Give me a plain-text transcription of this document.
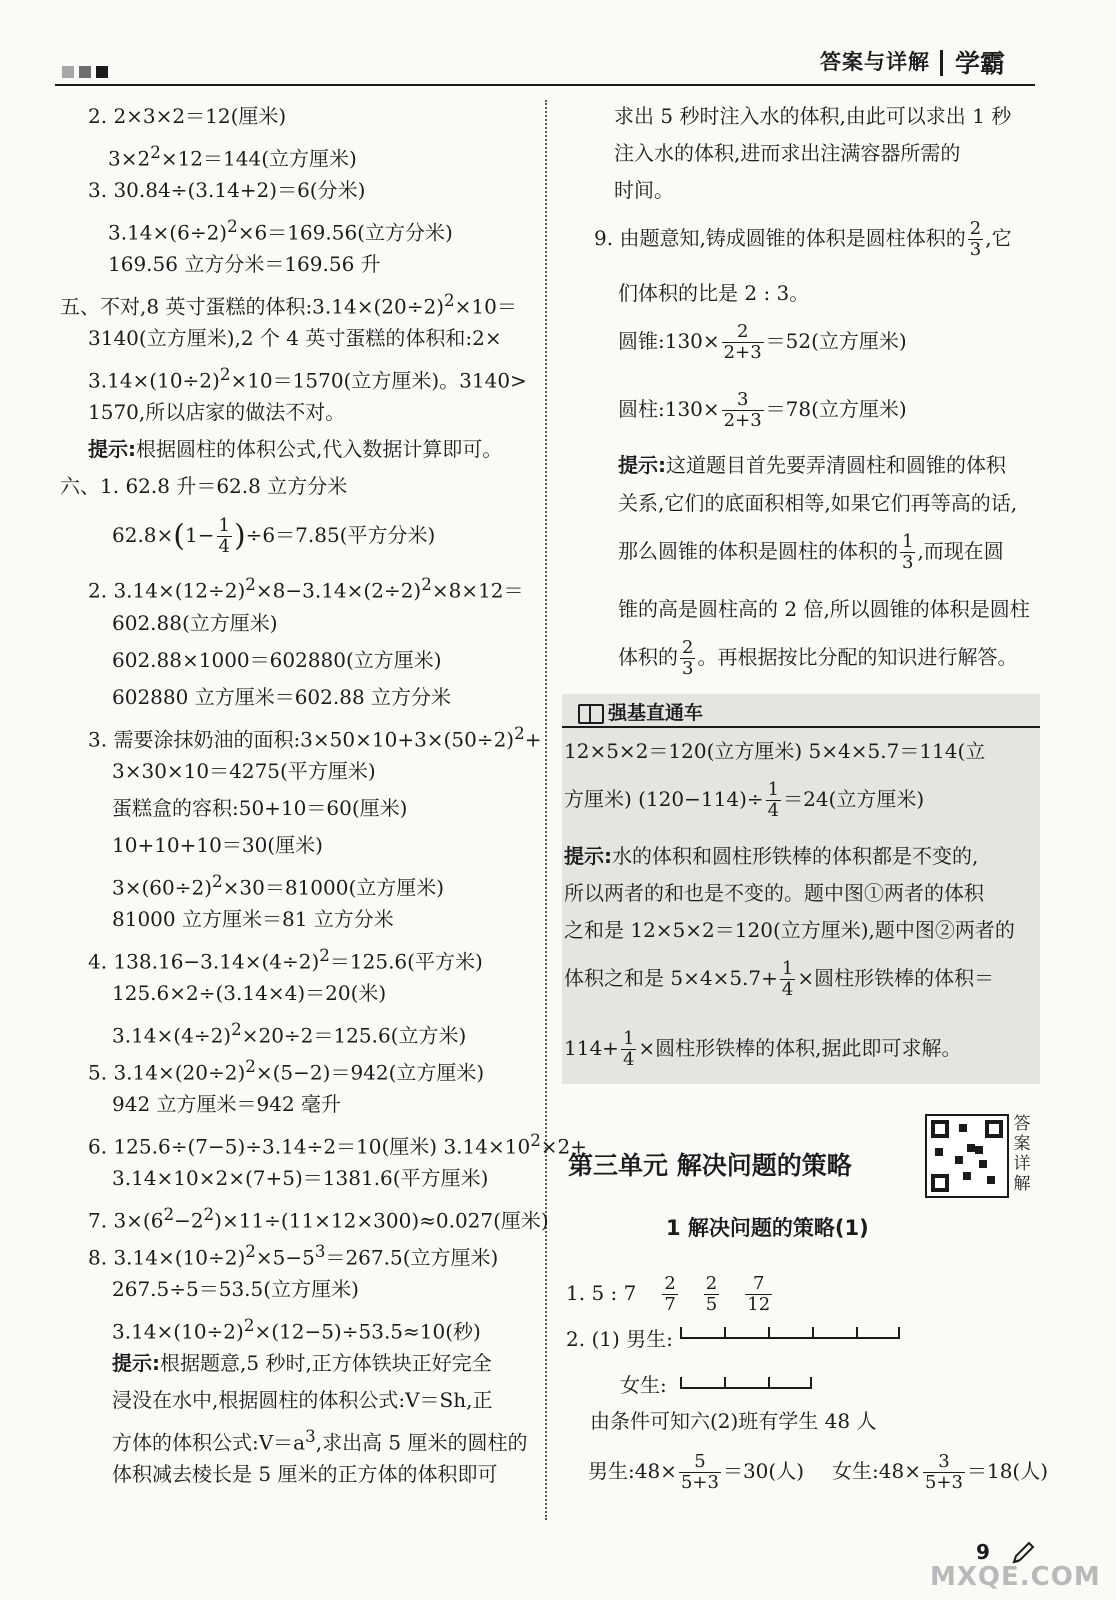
答案与详解 学霸
2. 2×3×2＝12(厘米)
$3\times 2^2\times 12=144$(立方厘米)
3. 30.84÷(3.14+2)＝6(分米)
$3.14\times(6\div 2)^2\times 6=169.56$(立方分米)
169.56 立方分米＝169.56 升
五、不对,8 英寸蛋糕的体积$:3.14\times(20\div 2)^2\times 10=$
3140(立方厘米),2 个 4 英寸蛋糕的体积和:2×
$3.14\times(10\div 2)^2\times 10=1570$(立方厘米)。3140>
1570,所以店家的做法不对。
提示:根据圆柱的体积公式,代入数据计算即可。
六、1. 62.8 升＝62.8 立方分米
$62.8\times(1- \frac{1}{4} )\div 6=7.85$(平方分米)
2. $3.14\times(12\div 2)^2\times 8-3.14\times(2\div 2)^2\times 8\times 12=$
602.88(立方厘米)
602.88×1000＝602880(立方厘米)
602880 立方厘米＝602.88 立方分米
3. 需要涂抹奶油的面积$:3\times 50\times 10+3\times(50\div 2)^2+$
3×30×10＝4275(平方厘米)
蛋糕盒的容积:50+10＝60(厘米)
10+10+10＝30(厘米)
$3\times(60\div 2)^2\times 30=81000$(立方厘米)
81000 立方厘米＝81 立方分米
4. $138.16-3.14\times(4\div 2)^2=125.6$(平方米)
125.6×2÷(3.14×4)＝20(米)
$3.14\times(4\div 2)^2\times 20\div 2=125.6$(立方米)
5. $3.14\times(20\div 2)^2\times(5-2)=942$(立方厘米)
942 立方厘米＝942 毫升
6. 125.6÷(7−5)÷3.14÷2＝10(厘米) $3.14\times 10^2\times 2+$
3.14×10×2×(7+5)＝1381.6(平方厘米)
7. $3\times(6^2-2^2)\times 11\div(11\times 12\times 300)\approx 0.027$(厘米)
8. $3.14\times(10\div 2)^2\times 5-5^3=267.5$(立方厘米)
267.5÷5＝53.5(立方厘米)
$3.14\times(10\div 2)^2\times(12-5)\div 53.5\approx 10$(秒)
提示:根据题意,5 秒时,正方体铁块正好完全
浸没在水中,根据圆柱的体积公式:V＝Sh,正
方体的体积公式$:V=a^3$,求出高 5 厘米的圆柱的
体积减去棱长是 5 厘米的正方体的体积即可
求出 5 秒时注入水的体积,由此可以求出 1 秒
注入水的体积,进而求出注满容器所需的
时间。
9. 由题意知,铸成圆锥的体积是圆柱体积的 $\frac{2}{3}$ ,它
们体积的比是 2 : 3。
圆锥:130× $\frac{2}{2+3} =52$(立方厘米)
圆柱:130× $\frac{3}{2+3} =78$(立方厘米)
提示:这道题目首先要弄清圆柱和圆锥的体积
关系,它们的底面积相等,如果它们再等高的话,
那么圆锥的体积是圆柱的体积的 $\frac{1}{3}$ ,而现在圆
锥的高是圆柱高的 2 倍,所以圆锥的体积是圆柱
体积的 $\frac{2}{3}$ 。再根据按比分配的知识进行解答。
强基直通车
12×5×2＝120(立方厘米) 5×4×5.7＝114(立
方厘米) $(120-114)\div \frac{1}{4} =24$(立方厘米)
提示:水的体积和圆柱形铁棒的体积都是不变的,
所以两者的和也是不变的。题中图①两者的体积
之和是 12×5×2＝120(立方厘米),题中图②两者的
体积之和是 $5\times 4\times 5.7+ \frac{1}{4}$ ×圆柱形铁棒的体积＝
$114+ \frac{1}{4}$ ×圆柱形铁棒的体积,据此即可求解。
第三单元 解决问题的策略
答案详解
1 解决问题的策略(1)
1. 5 : $7 \frac{2}{7} \frac{2}{5} \frac{7}{12}$
2. (1) 男生:
女生:
由条件可知六(2)班有学生 48 人
男生:48× $\frac{5}{5+3} =30$(人) 女生:48× $\frac{3}{5+3} =18$(人)
9
MXQE.COM
